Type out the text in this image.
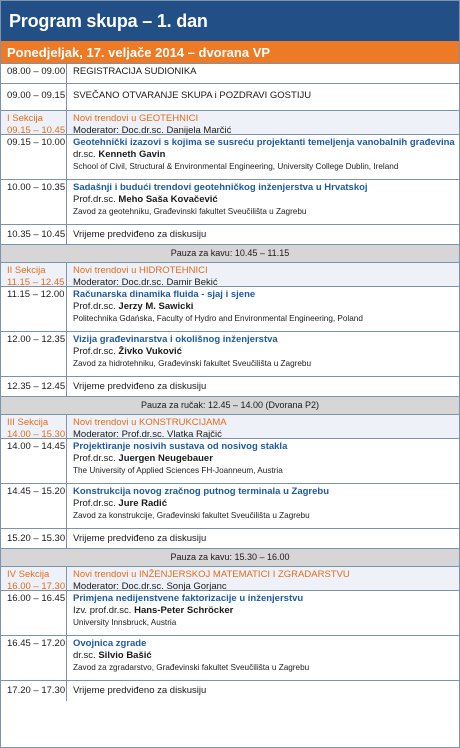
Program skupa – 1. dan
Ponedjeljak, 17. veljače 2014 – dvorana VP
08.00 – 09.00 REGISTRACIJA SUDIONIKA
09.00 – 09.15 SVEČANO OTVARANJE SKUPA i POZDRAVI GOSTIJU
I Sekcija
09.15 – 10.45
Novi trendovi u GEOTEHNICI
Moderator: Doc.dr.sc. Danijela Marčić
09.15 – 10.00 Geotehnički izazovi s kojima se susreću projektanti temeljenja vanobalnih građevina
dr.sc. Kenneth Gavin
School of Civil, Structural & Environmental Engineering, University College Dublin, Ireland
10.00 – 10.35 Sadašnji i budući trendovi geotehničkog inženjerstva u Hrvatskoj
Prof.dr.sc. Meho Saša Kovačević
Zavod za geotehniku, Građevinski fakultet Sveučilišta u Zagrebu
10.35 – 10.45 Vrijeme predviđeno za diskusiju
Pauza za kavu: 10.45 – 11.15
II Sekcija
11.15 – 12.45
Novi trendovi u HIDROTEHNICI
Moderator: Doc.dr.sc. Damir Bekić
11.15 – 12.00 Računarska dinamika fluida - sjaj i sjene
Prof.dr.sc. Jerzy M. Sawicki
Politechnika Gdańska, Faculty of Hydro and Environmental Engineering, Poland
12.00 – 12.35 Vizija građevinarstva i okolišnog inženjerstva
Prof.dr.sc. Živko Vuković
Zavod za hidrotehniku, Građevinski fakultet Sveučilišta u Zagrebu
12.35 – 12.45 Vrijeme predviđeno za diskusiju
Pauza za ručak: 12.45 – 14.00 (Dvorana P2)
III Sekcija
14.00 – 15.30
Novi trendovi u KONSTRUKCIJAMA
Moderator: Prof.dr.sc. Vlatka Rajčić
14.00 – 14.45 Projektiranje nosivih sustava od nosivog stakla
Prof.dr.sc. Juergen Neugebauer
The University of Applied Sciences FH-Joanneum, Austria
14.45 – 15.20 Konstrukcija novog zračnog putnog terminala u Zagrebu
Prof.dr.sc. Jure Radić
Zavod za konstrukcije, Građevinski fakultet Sveučilišta u Zagrebu
15.20 – 15.30 Vrijeme predviđeno za diskusiju
Pauza za kavu: 15.30 – 16.00
IV Sekcija
16.00 – 17.30
Novi trendovi u INŽENJERSKOJ MATEMATICI I ZGRADARSTVU
Moderator: Doc.dr.sc. Sonja Gorjanc
16.00 – 16.45 Primjena nedijenstvene faktorizacije u inženjerstvu
Izv. prof.dr.sc. Hans-Peter Schröcker
University Innsbruck, Austria
16.45 – 17.20 Ovojnica zgrade
dr.sc. Silvio Bašić
Zavod za zgradarstvo, Građevinski fakultet Sveučilišta u Zagrebu
17.20 – 17.30 Vrijeme predviđeno za diskusiju
